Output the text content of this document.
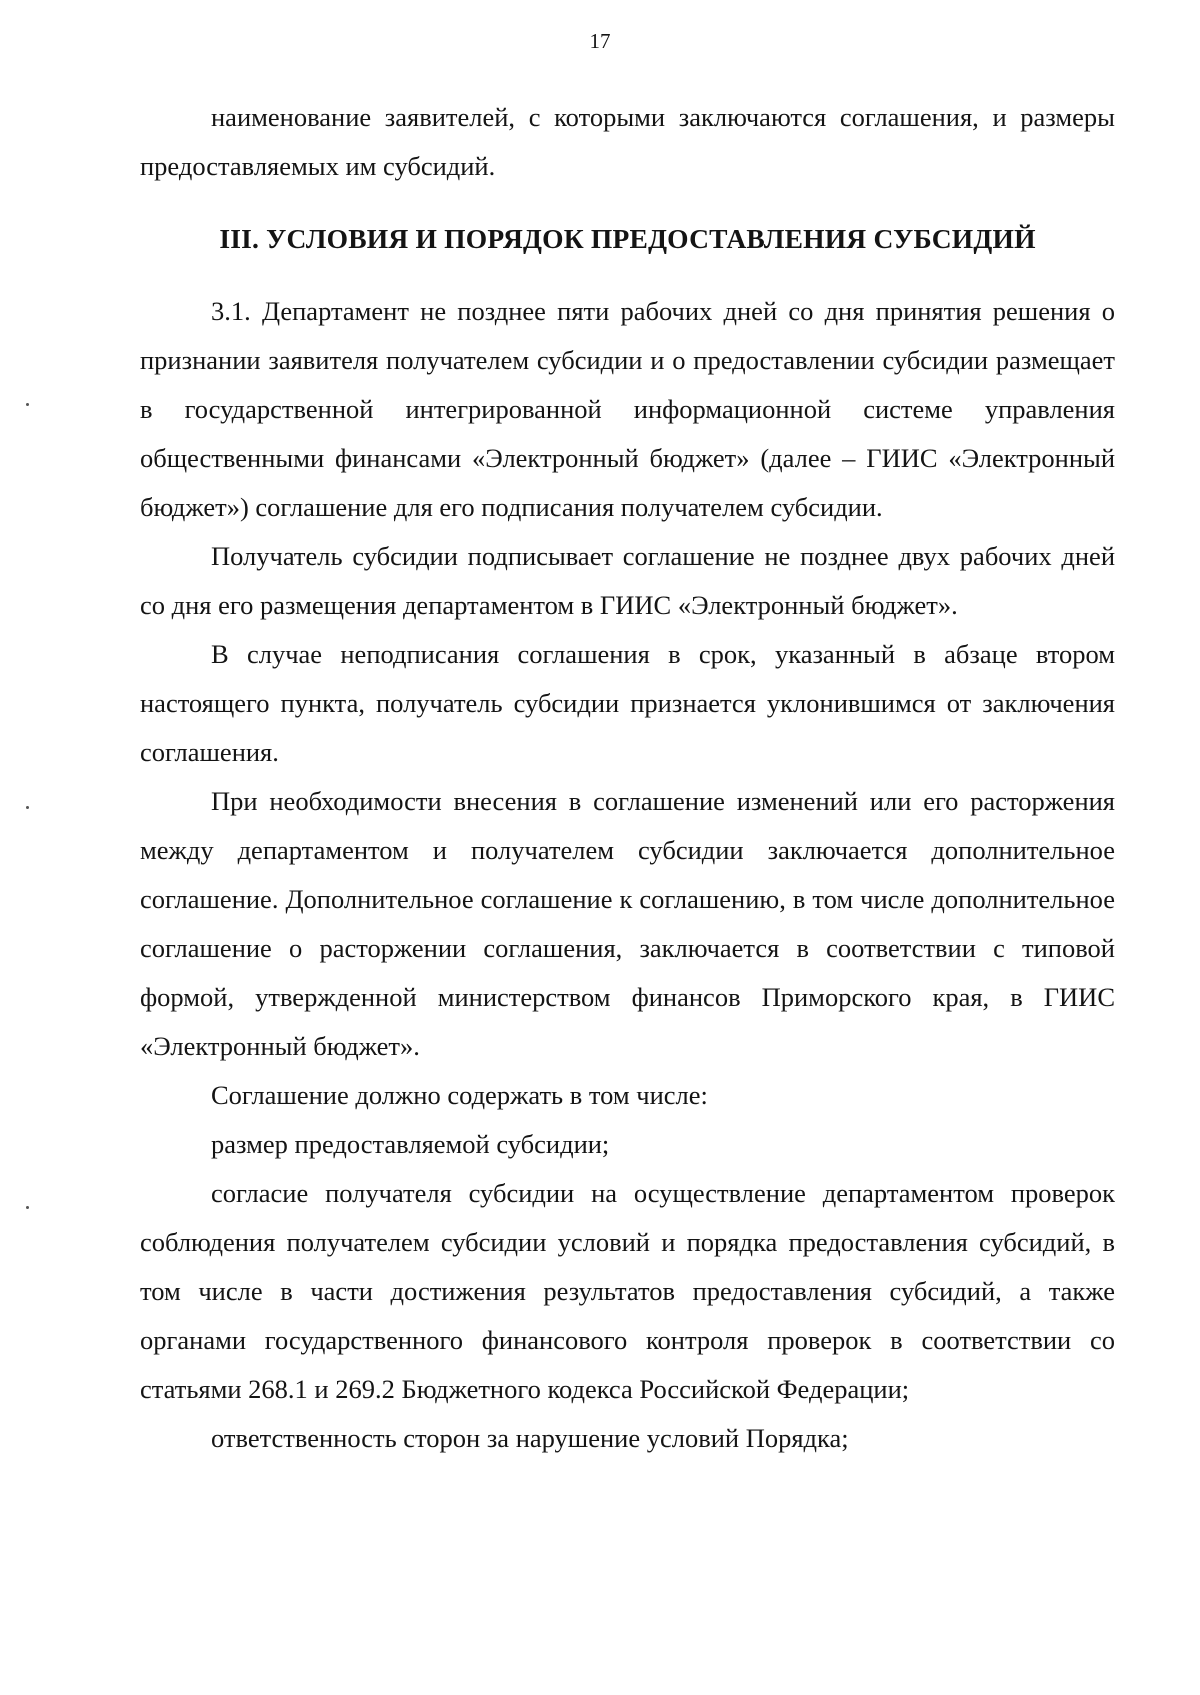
17

наименование заявителей, с которыми заключаются соглашения, и размеры предоставляемых им субсидий.

III. УСЛОВИЯ И ПОРЯДОК ПРЕДОСТАВЛЕНИЯ СУБСИДИЙ

3.1. Департамент не позднее пяти рабочих дней со дня принятия решения о признании заявителя получателем субсидии и о предоставлении субсидии размещает в государственной интегрированной информационной системе управления общественными финансами «Электронный бюджет» (далее – ГИИС «Электронный бюджет») соглашение для его подписания получателем субсидии.

Получатель субсидии подписывает соглашение не позднее двух рабочих дней со дня его размещения департаментом в ГИИС «Электронный бюджет».

В случае неподписания соглашения в срок, указанный в абзаце втором настоящего пункта, получатель субсидии признается уклонившимся от заключения соглашения.

При необходимости внесения в соглашение изменений или его расторжения между департаментом и получателем субсидии заключается дополнительное соглашение. Дополнительное соглашение к соглашению, в том числе дополнительное соглашение о расторжении соглашения, заключается в соответствии с типовой формой, утвержденной министерством финансов Приморского края, в ГИИС «Электронный бюджет».

Соглашение должно содержать в том числе:

размер предоставляемой субсидии;

согласие получателя субсидии на осуществление департаментом проверок соблюдения получателем субсидии условий и порядка предоставления субсидий, в том числе в части достижения результатов предоставления субсидий, а также органами государственного финансового контроля проверок в соответствии со статьями 268.1 и 269.2 Бюджетного кодекса Российской Федерации;

ответственность сторон за нарушение условий Порядка;
